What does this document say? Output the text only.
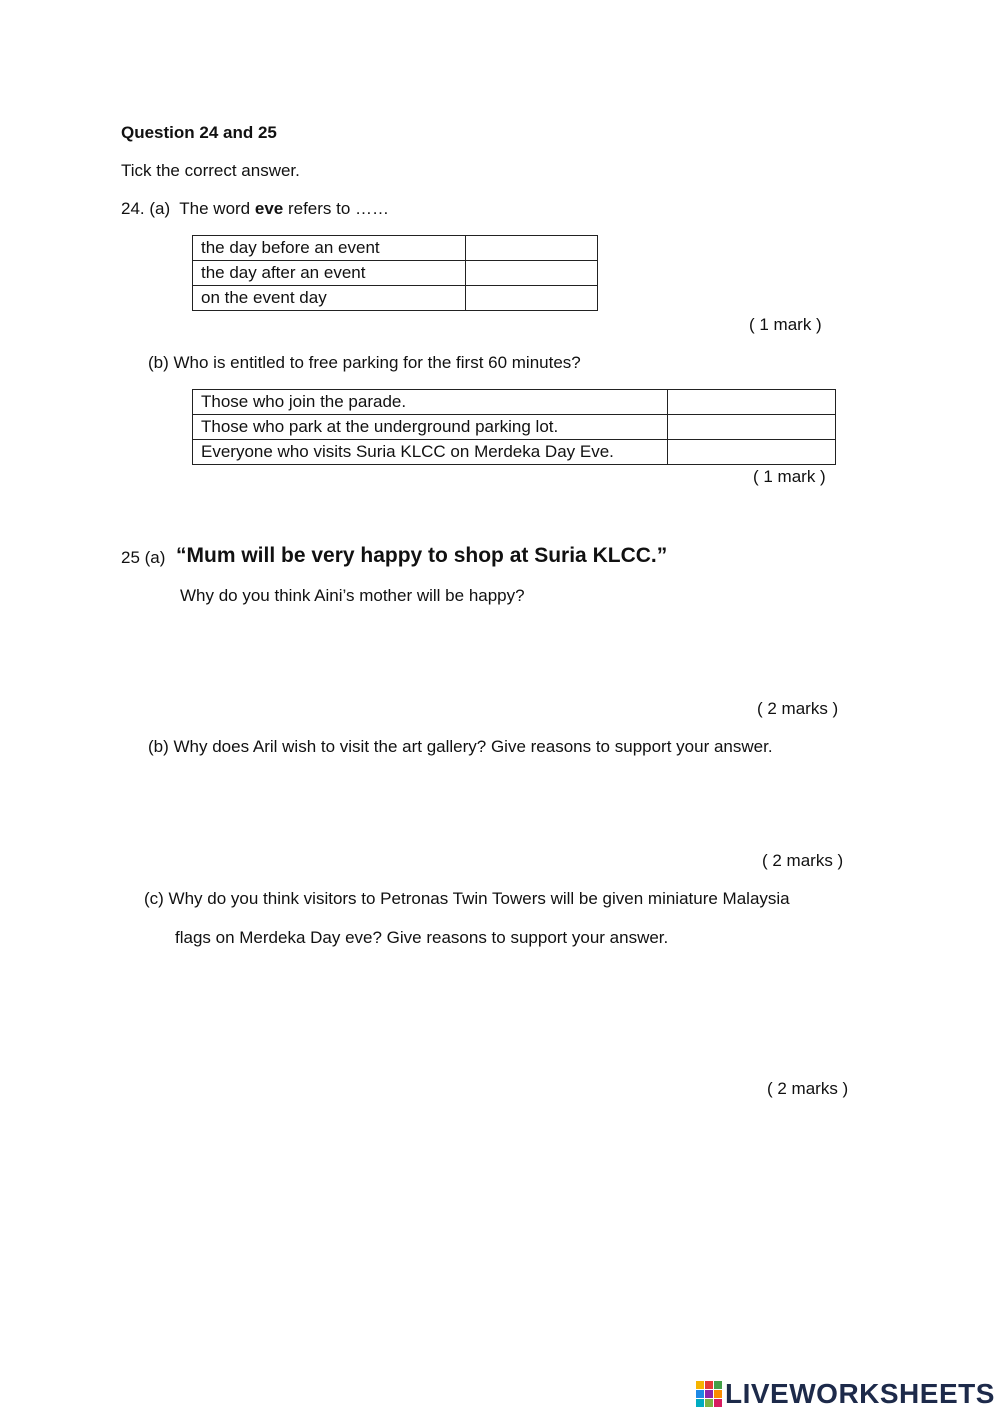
Question 24 and 25
Tick the correct answer.
24. (a)  The word eve refers to ……
the day before an event	
the day after an event	
on the event day	
( 1 mark )
(b) Who is entitled to free parking for the first 60 minutes?
Those who join the parade.	
Those who park at the underground parking lot.	
Everyone who visits Suria KLCC on Merdeka Day Eve.	
( 1 mark )
25 (a) “Mum will be very happy to shop at Suria KLCC.”
Why do you think Aini’s mother will be happy?
( 2 marks )
(b) Why does Aril wish to visit the art gallery? Give reasons to support your answer.
( 2 marks )
(c) Why do you think visitors to Petronas Twin Towers will be given miniature Malaysia
flags on Merdeka Day eve? Give reasons to support your answer.
( 2 marks )
LIVEWORKSHEETS
